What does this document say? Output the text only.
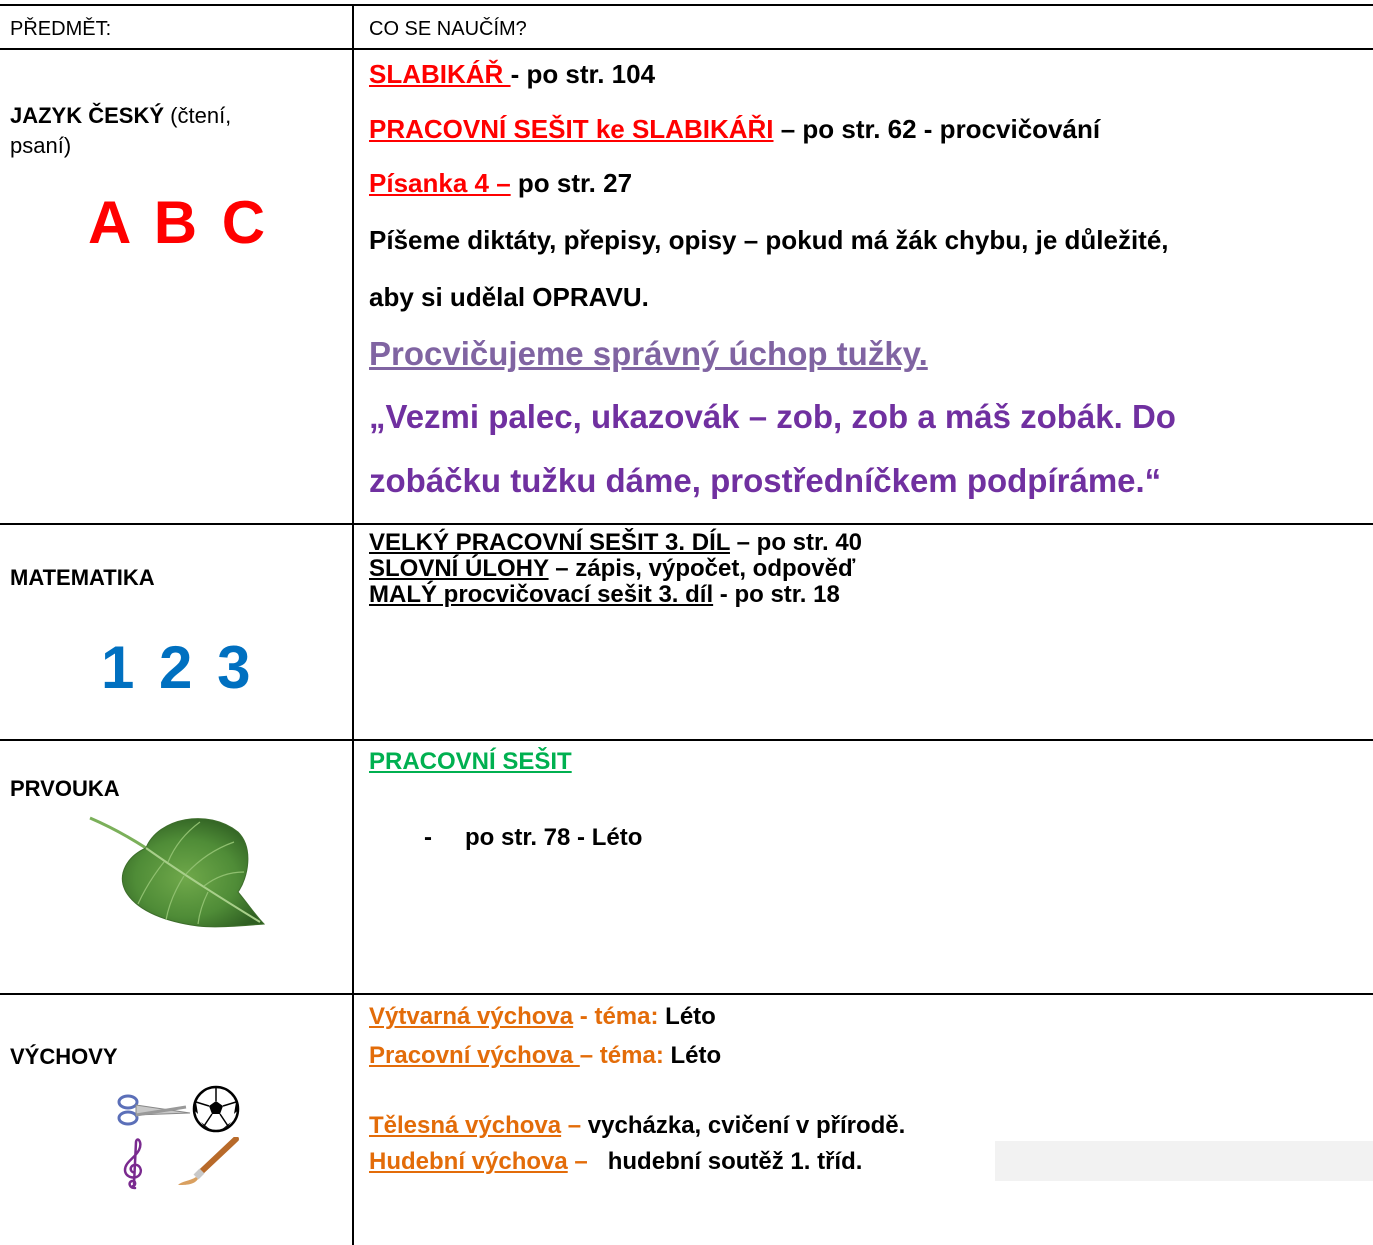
PŘEDMĚT:	CO SE NAUČÍM?
JAZYK ČESKÝ (čtení,
psaní)
A B C
SLABIKÁŘ - po str. 104
PRACOVNÍ SEŠIT ke SLABIKÁŘI – po str. 62 - procvičování
Písanka 4 – po str. 27
Píšeme diktáty, přepisy, opisy – pokud má žák chybu, je důležité,
aby si udělal OPRAVU.
Procvičujeme správný úchop tužky.
„Vezmi palec, ukazovák – zob, zob a máš zobák. Do
zobáčku tužku dáme, prostředníčkem podpíráme.“
MATEMATIKA
1 2 3
VELKÝ PRACOVNÍ SEŠIT 3. DÍL – po str. 40
SLOVNÍ ÚLOHY – zápis, výpočet, odpověď
MALÝ procvičovací sešit 3. díl - po str. 18
PRVOUKA
PRACOVNÍ SEŠIT
- po str. 78 - Léto
VÝCHOVY
Výtvarná výchova - téma: Léto
Pracovní výchova – téma: Léto
Tělesná výchova – vycházka, cvičení v přírodě.
Hudební výchova –   hudební soutěž 1. tříd.
